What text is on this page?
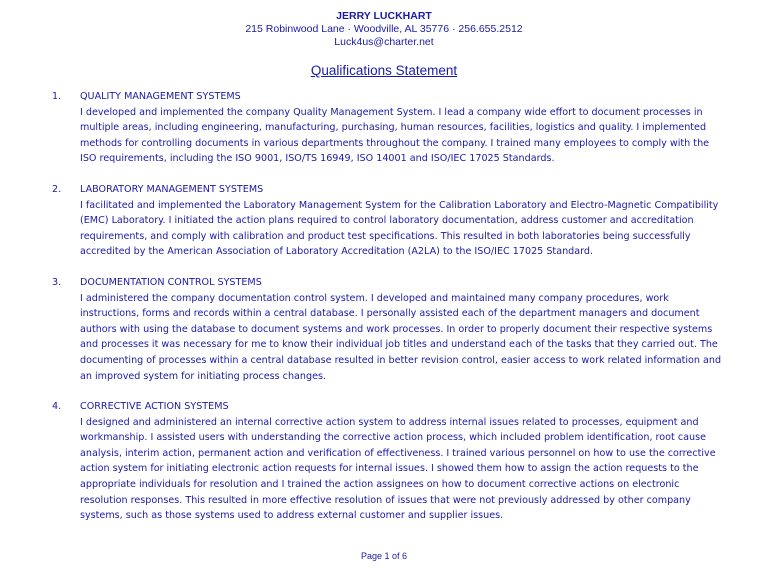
JERRY LUCKHART
215 Robinwood Lane · Woodville, AL 35776 · 256.655.2512
Luck4us@charter.net
Qualifications Statement
1.	QUALITY MANAGEMENT SYSTEMS
I developed and implemented the company Quality Management System. I lead a company wide effort to document processes in multiple areas, including engineering, manufacturing, purchasing, human resources, facilities, logistics and quality. I implemented methods for controlling documents in various departments throughout the company. I trained many employees to comply with the ISO requirements, including the ISO 9001, ISO/TS 16949, ISO 14001 and ISO/IEC 17025 Standards.
2.	LABORATORY MANAGEMENT SYSTEMS
I facilitated and implemented the Laboratory Management System for the Calibration Laboratory and Electro-Magnetic Compatibility (EMC) Laboratory. I initiated the action plans required to control laboratory documentation, address customer and accreditation requirements, and comply with calibration and product test specifications. This resulted in both laboratories being successfully accredited by the American Association of Laboratory Accreditation (A2LA) to the ISO/IEC 17025 Standard.
3.	DOCUMENTATION CONTROL SYSTEMS
I administered the company documentation control system. I developed and maintained many company procedures, work instructions, forms and records within a central database. I personally assisted each of the department managers and document authors with using the database to document systems and work processes. In order to properly document their respective systems and processes it was necessary for me to know their individual job titles and understand each of the tasks that they carried out. The documenting of processes within a central database resulted in better revision control, easier access to work related information and an improved system for initiating process changes.
4.	CORRECTIVE ACTION SYSTEMS
I designed and administered an internal corrective action system to address internal issues related to processes, equipment and workmanship. I assisted users with understanding the corrective action process, which included problem identification, root cause analysis, interim action, permanent action and verification of effectiveness. I trained various personnel on how to use the corrective action system for initiating electronic action requests for internal issues. I showed them how to assign the action requests to the appropriate individuals for resolution and I trained the action assignees on how to document corrective actions on electronic resolution responses. This resulted in more effective resolution of issues that were not previously addressed by other company systems, such as those systems used to address external customer and supplier issues.
Page 1 of 6
